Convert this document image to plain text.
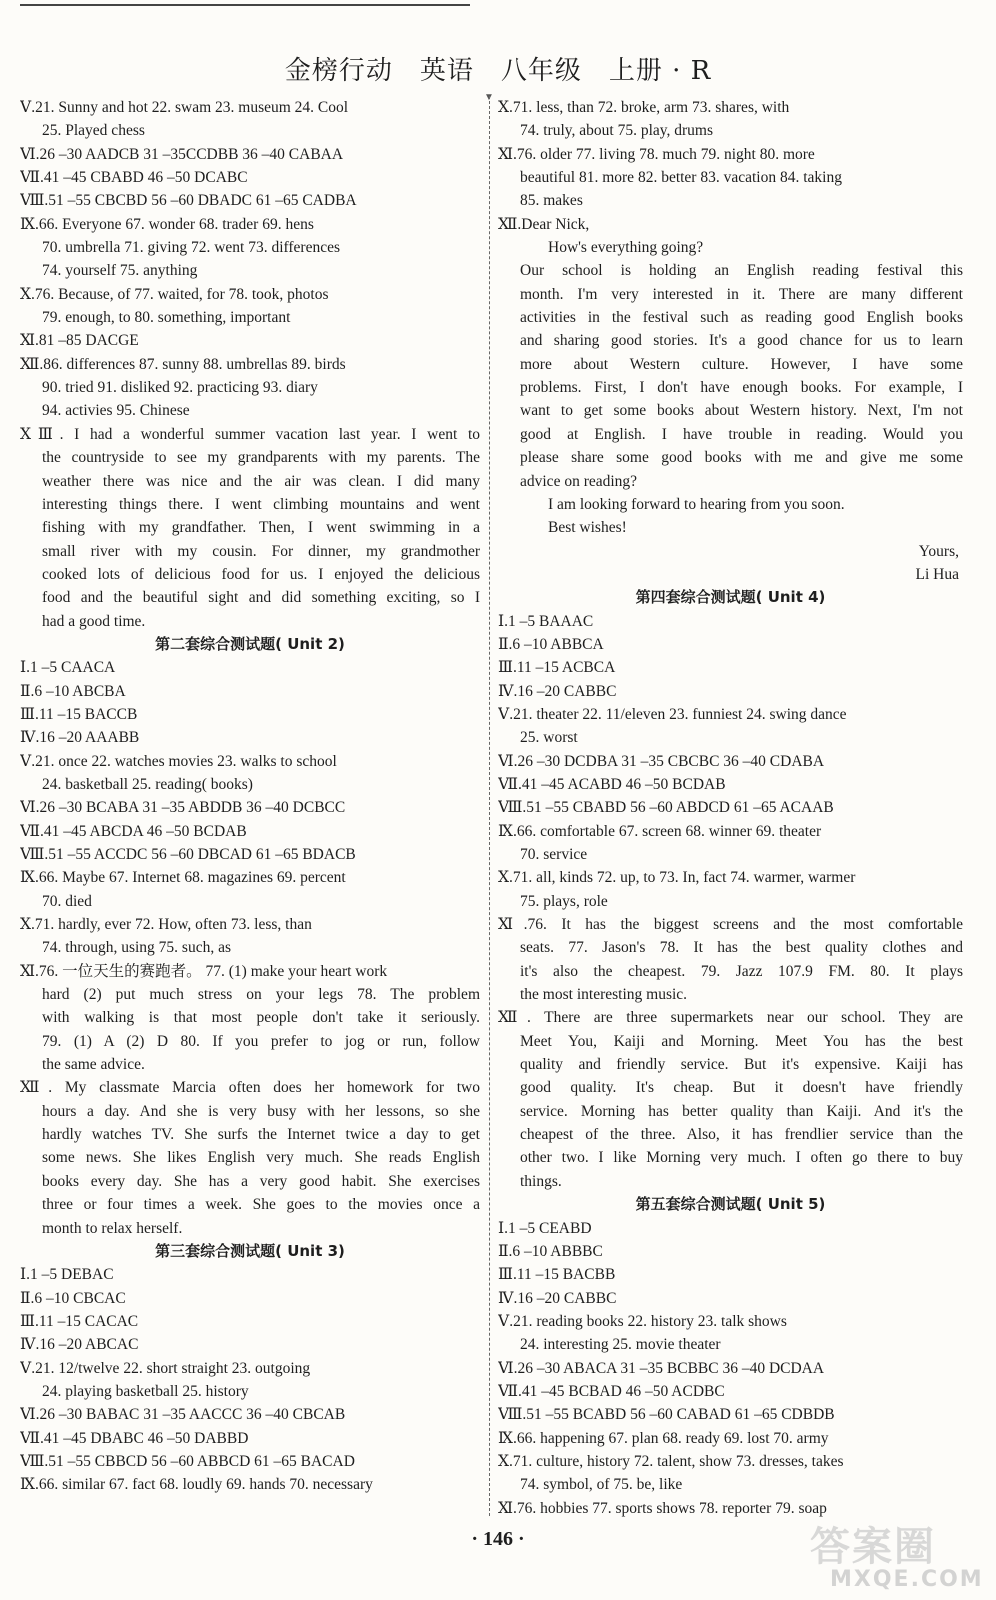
金榜行动　英语　八年级　上册 · R
▼
Ⅴ.21. Sunny and hot 22. swam 23. museum 24. Cool
25. Played chess
Ⅵ.26 –30 AADCB 31 –35CCDBB 36 –40 CABAA
Ⅶ.41 –45 CBABD 46 –50 DCABC
Ⅷ.51 –55 CBCBD 56 –60 DBADC 61 –65 CADBA
Ⅸ.66. Everyone 67. wonder 68. trader 69. hens
70. umbrella 71. giving 72. went 73. differences
74. yourself 75. anything
Ⅹ.76. Because, of 77. waited, for 78. took, photos
79. enough, to 80. something, important
Ⅺ.81 –85 DACGE
Ⅻ.86. differences 87. sunny 88. umbrellas 89. birds
90. tried 91. disliked 92. practicing 93. diary
94. activies 95. Chinese
ⅩⅢ. I had a wonderful summer vacation last year. I went to
the countryside to see my grandparents with my parents. The
weather there was nice and the air was clean. I did many
interesting things there. I went climbing mountains and went
fishing with my grandfather. Then, I went swimming in a
small river with my cousin. For dinner, my grandmother
cooked lots of delicious food for us. I enjoyed the delicious
food and the beautiful sight and did something exciting, so I
had a good time.
第二套综合测试题( Unit 2)
Ⅰ.1 –5 CAACA
Ⅱ.6 –10 ABCBA
Ⅲ.11 –15 BACCB
Ⅳ.16 –20 AAABB
Ⅴ.21. once 22. watches movies 23. walks to school
24. basketball 25. reading( books)
Ⅵ.26 –30 BCABA 31 –35 ABDDB 36 –40 DCBCC
Ⅶ.41 –45 ABCDA 46 –50 BCDAB
Ⅷ.51 –55 ACCDC 56 –60 DBCAD 61 –65 BDACB
Ⅸ.66. Maybe 67. Internet 68. magazines 69. percent
70. died
Ⅹ.71. hardly, ever 72. How, often 73. less, than
74. through, using 75. such, as
Ⅺ.76. 一位天生的赛跑者。 77. (1) make your heart work
hard (2) put much stress on your legs 78. The problem
with walking is that most people don't take it seriously.
79. (1) A (2) D 80. If you prefer to jog or run, follow
the same advice.
Ⅻ. My classmate Marcia often does her homework for two
hours a day. And she is very busy with her lessons, so she
hardly watches TV. She surfs the Internet twice a day to get
some news. She likes English very much. She reads English
books every day. She has a very good habit. She exercises
three or four times a week. She goes to the movies once a
month to relax herself.
第三套综合测试题( Unit 3)
Ⅰ.1 –5 DEBAC
Ⅱ.6 –10 CBCAC
Ⅲ.11 –15 CACAC
Ⅳ.16 –20 ABCAC
Ⅴ.21. 12/twelve 22. short straight 23. outgoing
24. playing basketball 25. history
Ⅵ.26 –30 BABAC 31 –35 AACCC 36 –40 CBCAB
Ⅶ.41 –45 DBABC 46 –50 DABBD
Ⅷ.51 –55 CBBCD 56 –60 ABBCD 61 –65 BACAD
Ⅸ.66. similar 67. fact 68. loudly 69. hands 70. necessary
Ⅹ.71. less, than 72. broke, arm 73. shares, with
74. truly, about 75. play, drums
Ⅺ.76. older 77. living 78. much 79. night 80. more
beautiful 81. more 82. better 83. vacation 84. taking
85. makes
Ⅻ.Dear Nick,
How's everything going?
Our school is holding an English reading festival this
month. I'm very interested in it. There are many different
activities in the festival such as reading good English books
and sharing good stories. It's a good chance for us to learn
more about Western culture. However, I have some
problems. First, I don't have enough books. For example, I
want to get some books about Western history. Next, I'm not
good at English. I have trouble in reading. Would you
please share some good books with me and give me some
advice on reading?
I am looking forward to hearing from you soon.
Best wishes!
Yours,
Li Hua
第四套综合测试题( Unit 4)
Ⅰ.1 –5 BAAAC
Ⅱ.6 –10 ABBCA
Ⅲ.11 –15 ACBCA
Ⅳ.16 –20 CABBC
Ⅴ.21. theater 22. 11/eleven 23. funniest 24. swing dance
25. worst
Ⅵ.26 –30 DCDBA 31 –35 CBCBC 36 –40 CDABA
Ⅶ.41 –45 ACABD 46 –50 BCDAB
Ⅷ.51 –55 CBABD 56 –60 ABDCD 61 –65 ACAAB
Ⅸ.66. comfortable 67. screen 68. winner 69. theater
70. service
Ⅹ.71. all, kinds 72. up, to 73. In, fact 74. warmer, warmer
75. plays, role
Ⅺ.76. It has the biggest screens and the most comfortable
seats. 77. Jason's 78. It has the best quality clothes and
it's also the cheapest. 79. Jazz 107.9 FM. 80. It plays
the most interesting music.
Ⅻ. There are three supermarkets near our school. They are
Meet You, Kaiji and Morning. Meet You has the best
quality and friendly service. But it's expensive. Kaiji has
good quality. It's cheap. But it doesn't have friendly
service. Morning has better quality than Kaiji. And it's the
cheapest of the three. Also, it has frendlier service than the
other two. I like Morning very much. I often go there to buy
things.
第五套综合测试题( Unit 5)
Ⅰ.1 –5 CEABD
Ⅱ.6 –10 ABBBC
Ⅲ.11 –15 BACBB
Ⅳ.16 –20 CABBC
Ⅴ.21. reading books 22. history 23. talk shows
24. interesting 25. movie theater
Ⅵ.26 –30 ABACA 31 –35 BCBBC 36 –40 DCDAA
Ⅶ.41 –45 BCBAD 46 –50 ACDBC
Ⅷ.51 –55 BCABD 56 –60 CABAD 61 –65 CDBDB
Ⅸ.66. happening 67. plan 68. ready 69. lost 70. army
Ⅹ.71. culture, history 72. talent, show 73. dresses, takes
74. symbol, of 75. be, like
Ⅺ.76. hobbies 77. sports shows 78. reporter 79. soap
· 146 ·	答案圈
MXQE.COM
